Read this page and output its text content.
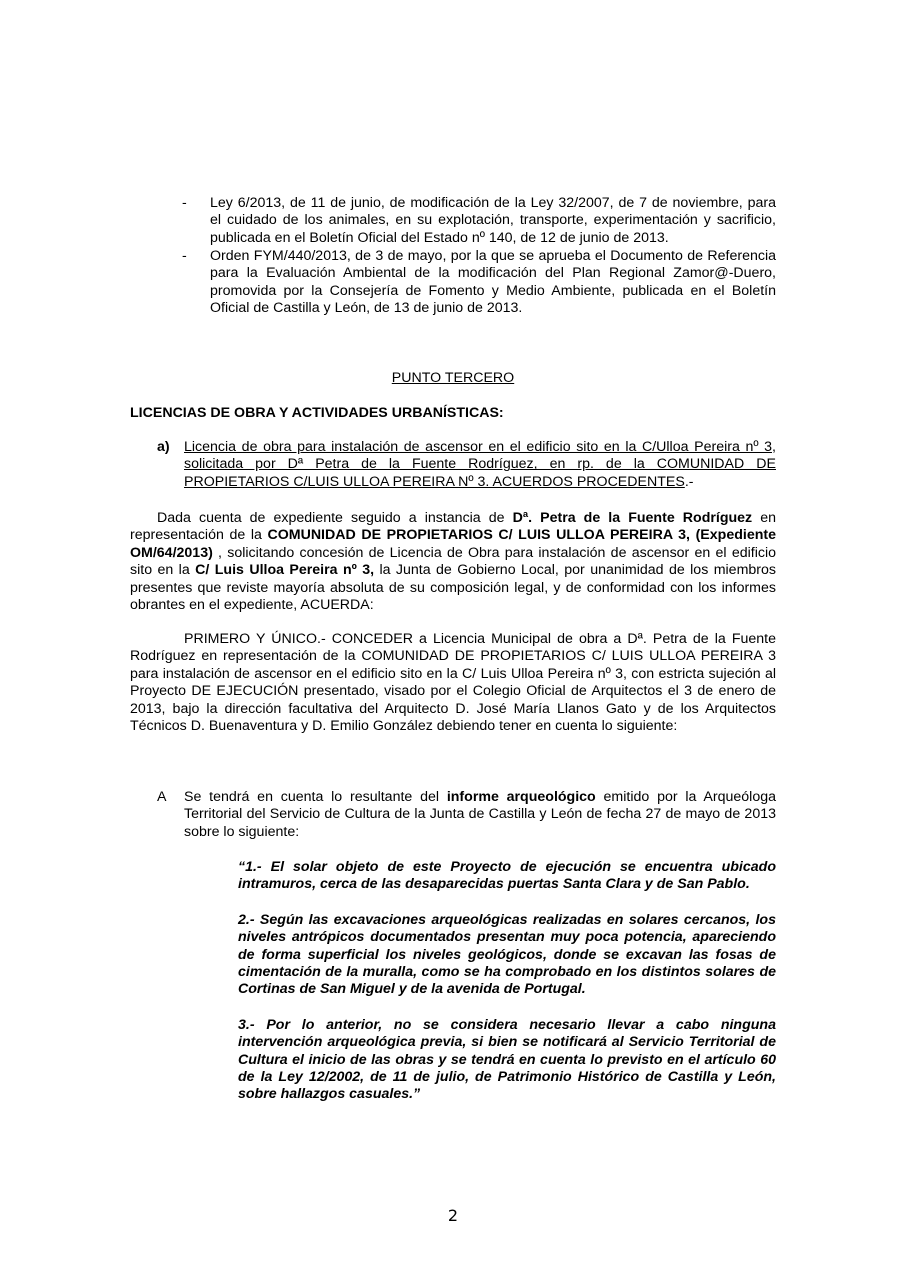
- Ley 6/2013, de 11 de junio, de modificación de la Ley 32/2007, de 7 de noviembre, para el cuidado de los animales, en su explotación, transporte, experimentación y sacrificio, publicada en el Boletín Oficial del Estado nº 140, de 12 de junio de 2013.
- Orden FYM/440/2013, de 3 de mayo, por la que se aprueba el Documento de Referencia para la Evaluación Ambiental de la modificación del Plan Regional Zamor@-Duero, promovida por la Consejería de Fomento y Medio Ambiente, publicada en el Boletín Oficial de Castilla y León, de 13 de junio de 2013.
PUNTO TERCERO
LICENCIAS DE OBRA Y ACTIVIDADES URBANÍSTICAS:
a) Licencia de obra para instalación de ascensor en el edificio sito en la C/Ulloa Pereira nº 3, solicitada por Dª Petra de la Fuente Rodríguez, en rp. de la COMUNIDAD DE PROPIETARIOS C/LUIS ULLOA PEREIRA Nº 3. ACUERDOS PROCEDENTES.-
Dada cuenta de expediente seguido a instancia de Dª. Petra de la Fuente Rodríguez en representación de la COMUNIDAD DE PROPIETARIOS C/ LUIS ULLOA PEREIRA 3, (Expediente OM/64/2013) , solicitando concesión de Licencia de Obra para instalación de ascensor en el edificio sito en la C/ Luis Ulloa Pereira nº 3, la Junta de Gobierno Local, por unanimidad de los miembros presentes que reviste mayoría absoluta de su composición legal, y de conformidad con los informes obrantes en el expediente, ACUERDA:
PRIMERO Y ÚNICO.- CONCEDER a Licencia Municipal de obra a Dª. Petra de la Fuente Rodríguez en representación de la COMUNIDAD DE PROPIETARIOS C/ LUIS ULLOA PEREIRA 3 para instalación de ascensor en el edificio sito en la C/ Luis Ulloa Pereira nº 3, con estricta sujeción al Proyecto DE EJECUCIÓN presentado, visado por el Colegio Oficial de Arquitectos el 3 de enero de 2013, bajo la dirección facultativa del Arquitecto D. José María Llanos Gato y de los Arquitectos Técnicos D. Buenaventura y D. Emilio González debiendo tener en cuenta lo siguiente:
A Se tendrá en cuenta lo resultante del informe arqueológico emitido por la Arqueóloga Territorial del Servicio de Cultura de la Junta de Castilla y León de fecha 27 de mayo de 2013 sobre lo siguiente:

“1.- El solar objeto de este Proyecto de ejecución se encuentra ubicado intramuros, cerca de las desaparecidas puertas Santa Clara y de San Pablo.

2.- Según las excavaciones arqueológicas realizadas en solares cercanos, los niveles antrópicos documentados presentan muy poca potencia, apareciendo de forma superficial los niveles geológicos, donde se excavan las fosas de cimentación de la muralla, como se ha comprobado en los distintos solares de Cortinas de San Miguel y de la avenida de Portugal.

3.- Por lo anterior, no se considera necesario llevar a cabo ninguna intervención arqueológica previa, si bien se notificará al Servicio Territorial de Cultura el inicio de las obras y se tendrá en cuenta lo previsto en el artículo 60 de la Ley 12/2002, de 11 de julio, de Patrimonio Histórico de Castilla y León, sobre hallazgos casuales.”

2
